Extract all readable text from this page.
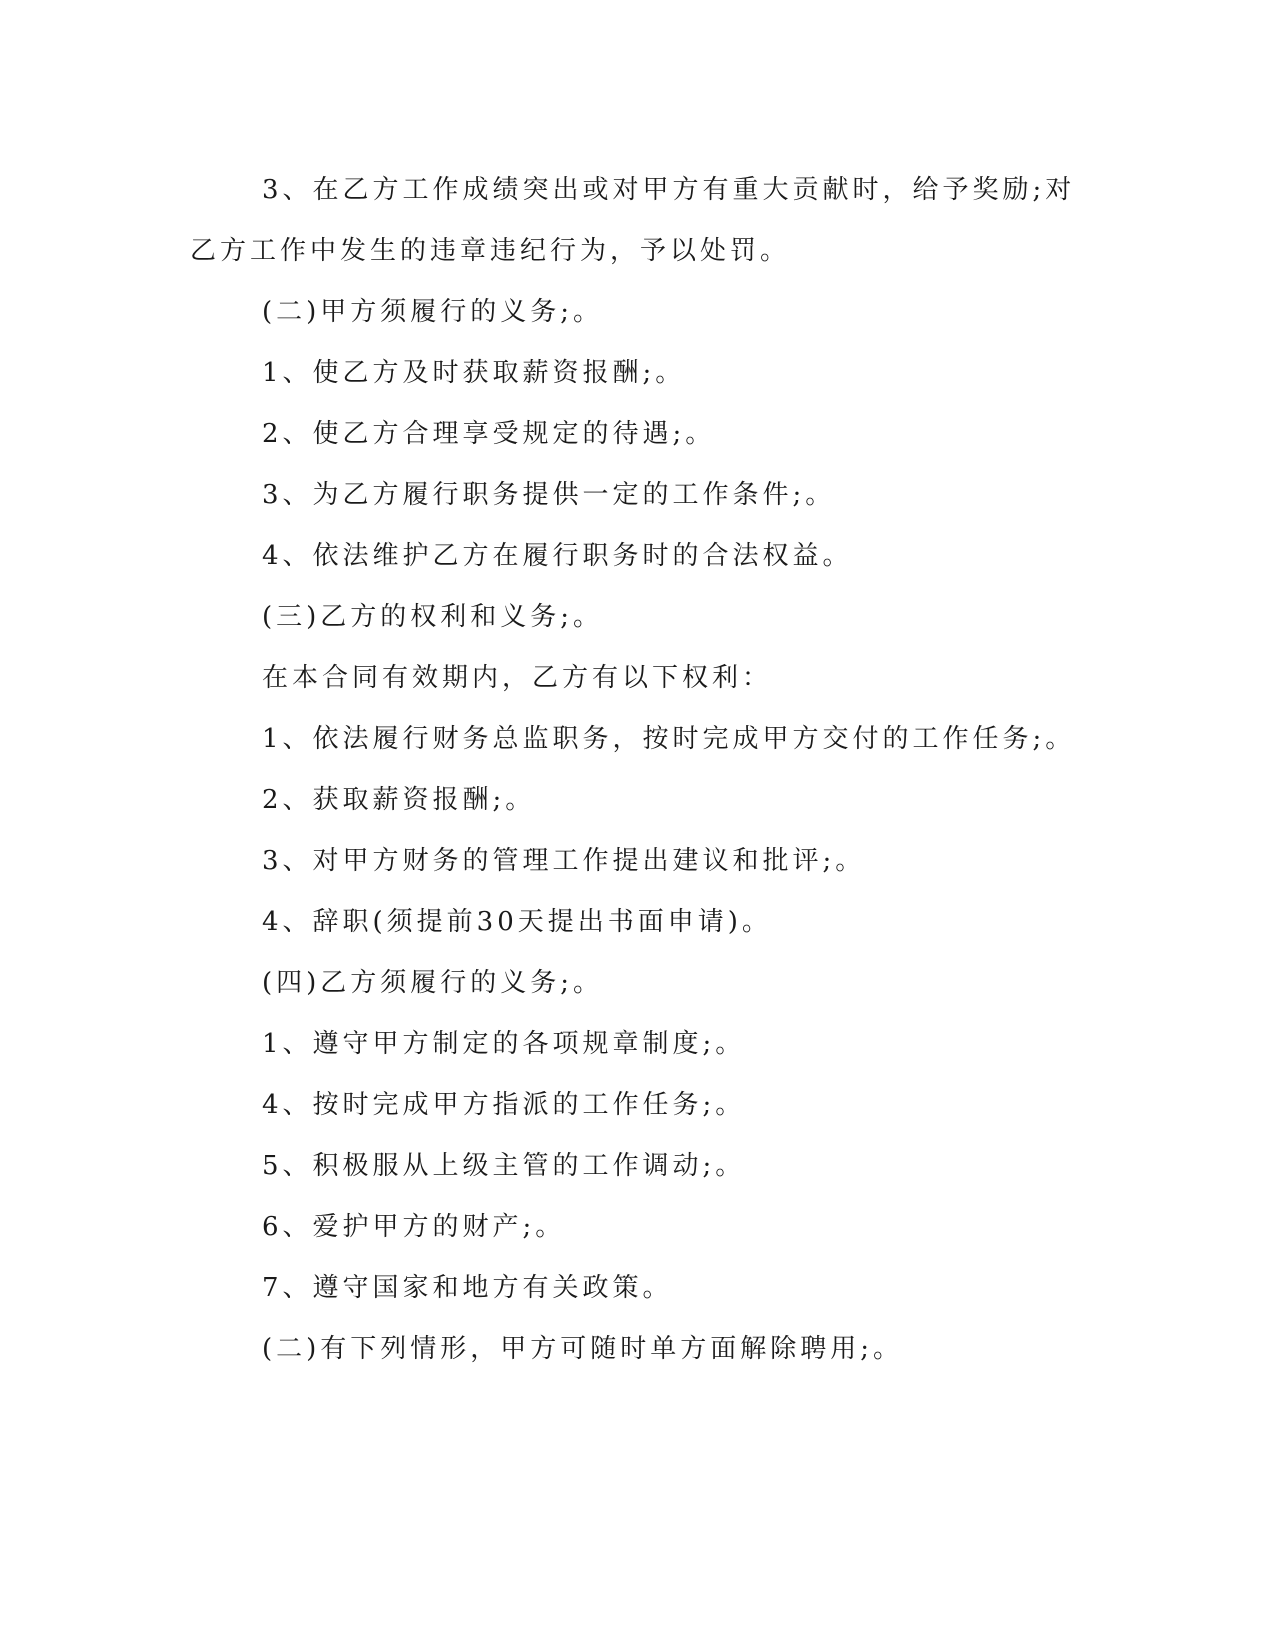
3、在乙方工作成绩突出或对甲方有重大贡献时，给予奖励;对乙方工作中发生的违章违纪行为，予以处罚。

(二)甲方须履行的义务;。

1、使乙方及时获取薪资报酬;。

2、使乙方合理享受规定的待遇;。

3、为乙方履行职务提供一定的工作条件;。

4、依法维护乙方在履行职务时的合法权益。

(三)乙方的权利和义务;。

在本合同有效期内，乙方有以下权利：

1、依法履行财务总监职务，按时完成甲方交付的工作任务;。

2、获取薪资报酬;。

3、对甲方财务的管理工作提出建议和批评;。

4、辞职(须提前30天提出书面申请)。

(四)乙方须履行的义务;。

1、遵守甲方制定的各项规章制度;。

4、按时完成甲方指派的工作任务;。

5、积极服从上级主管的工作调动;。

6、爱护甲方的财产;。

7、遵守国家和地方有关政策。

(二)有下列情形，甲方可随时单方面解除聘用;。
